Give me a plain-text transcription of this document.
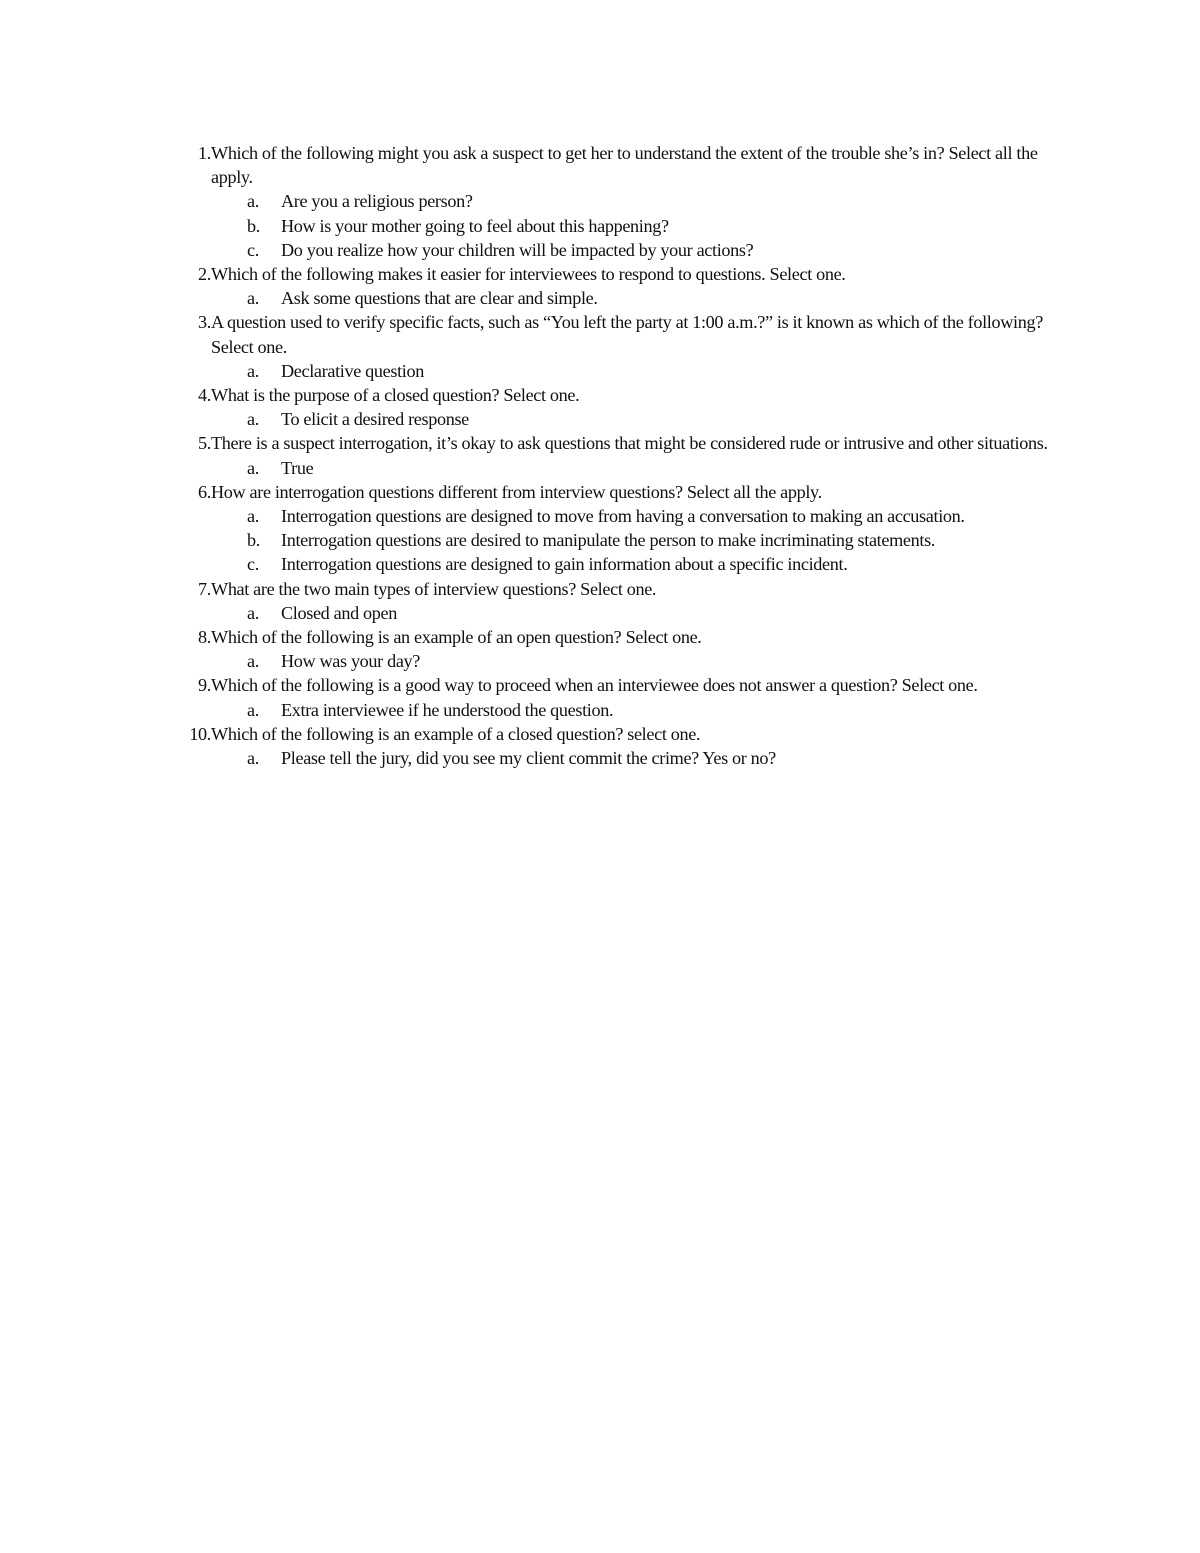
1. Which of the following might you ask a suspect to get her to understand the extent of the trouble she’s in? Select all the apply.
a.	Are you a religious person?
b.	How is your mother going to feel about this happening?
c.	Do you realize how your children will be impacted by your actions?
2. Which of the following makes it easier for interviewees to respond to questions. Select one.
a.	Ask some questions that are clear and simple.
3. A question used to verify specific facts, such as “You left the party at 1:00 a.m.?” is it known as which of the following? Select one.
a.	Declarative question
4. What is the purpose of a closed question? Select one.
a.	To elicit a desired response
5. There is a suspect interrogation, it’s okay to ask questions that might be considered rude or intrusive and other situations.
a.	True
6. How are interrogation questions different from interview questions? Select all the apply.
a.	Interrogation questions are designed to move from having a conversation to making an accusation.
b.	Interrogation questions are desired to manipulate the person to make incriminating statements.
c.	Interrogation questions are designed to gain information about a specific incident.
7. What are the two main types of interview questions? Select one.
a.	Closed and open
8. Which of the following is an example of an open question? Select one.
a.	How was your day?
9. Which of the following is a good way to proceed when an interviewee does not answer a question? Select one.
a.	Extra interviewee if he understood the question.
10. Which of the following is an example of a closed question? select one.
a.	Please tell the jury, did you see my client commit the crime? Yes or no?
